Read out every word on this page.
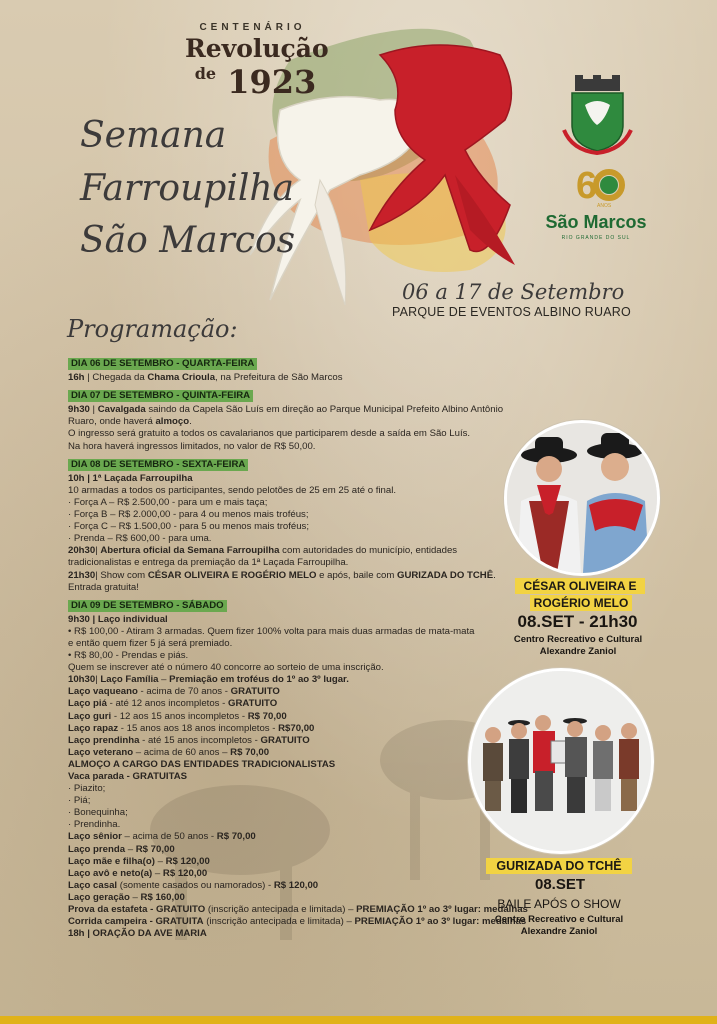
CENTENÁRIO
Revolução
$^{de}$ 1923
Semana
Farroupilha
São Marcos
06 a 17 de Setembro
PARQUE DE EVENTOS ALBINO RUARO
6 ANOS
São Marcos
RIO GRANDE DO SUL
Programação:
DIA 06 DE SETEMBRO - QUARTA-FEIRA
16h | Chegada da Chama Crioula, na Prefeitura de São Marcos
DIA 07 DE SETEMBRO - QUINTA-FEIRA
9h30 | Cavalgada saindo da Capela São Luís em direção ao Parque Municipal Prefeito Albino Antônio
Ruaro, onde haverá almoço.
O ingresso será gratuito a todos os cavalarianos que participarem desde a saída em São Luís.
Na hora haverá ingressos limitados, no valor de R$ 50,00.
DIA 08 DE SETEMBRO - SEXTA-FEIRA
10h | 1ª Laçada Farroupilha
10 armadas a todos os participantes, sendo pelotões de 25 em 25 até o final.
· Força A – R$ 2.500,00 - para um e mais taça;
· Força B – R$ 2.000,00 - para 4 ou menos mais troféus;
· Força C – R$ 1.500,00 - para 5 ou menos mais troféus;
· Prenda – R$ 600,00 - para uma.
20h30| Abertura oficial da Semana Farroupilha com autoridades do município, entidades
tradicionalistas e entrega da premiação da 1ª Laçada Farroupilha.
21h30| Show com CÉSAR OLIVEIRA E ROGÉRIO MELO e após, baile com GURIZADA DO TCHÊ.
Entrada gratuita!
DIA 09 DE SETEMBRO - SÁBADO
9h30 | Laço individual
• R$ 100,00 - Atiram 3 armadas. Quem fizer 100% volta para mais duas armadas de mata-mata
e então quem fizer 5 já será premiado.
• R$ 80,00 - Prendas e piás.
Quem se inscrever até o número 40 concorre ao sorteio de uma inscrição.
10h30| Laço Família – Premiação em troféus do 1º ao 3º lugar.
Laço vaqueano - acima de 70 anos - GRATUITO
Laço piá - até 12 anos incompletos - GRATUITO
Laço guri - 12 aos 15 anos incompletos - R$ 70,00
Laço rapaz - 15 anos aos 18 anos incompletos - R$70,00
Laço prendinha - até 15 anos incompletos - GRATUITO
Laço veterano – acima de 60 anos – R$ 70,00
ALMOÇO A CARGO DAS ENTIDADES TRADICIONALISTAS
Vaca parada - GRATUITAS
· Piazito;
· Piá;
· Bonequinha;
· Prendinha.
Laço sênior – acima de 50 anos - R$ 70,00
Laço prenda – R$ 70,00
Laço mãe e filha(o) – R$ 120,00
Laço avô e neto(a) – R$ 120,00
Laço casal (somente casados ou namorados) - R$ 120,00
Laço geração – R$ 160,00
Prova da estafeta - GRATUITO (inscrição antecipada e limitada) – PREMIAÇÃO 1º ao 3º lugar: medalhas
Corrida campeira - GRATUITA (inscrição antecipada e limitada) – PREMIAÇÃO 1º ao 3º lugar: medalhas
18h | ORAÇÃO DA AVE MARIA
CÉSAR OLIVEIRA E
ROGÉRIO MELO
08.SET - 21h30
Centro Recreativo e Cultural
Alexandre Zaniol
GURIZADA DO TCHÊ
08.SET
BAILE APÓS O SHOW
Centro Recreativo e Cultural
Alexandre Zaniol
